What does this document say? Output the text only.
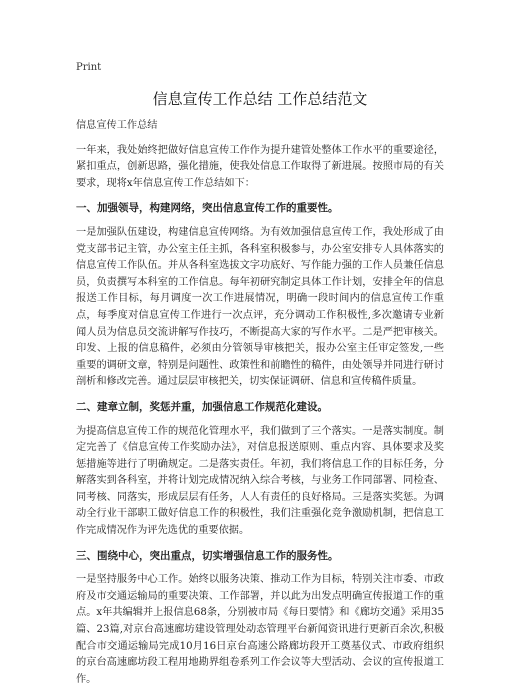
Print
信息宣传工作总结 工作总结范文

信息宣传工作总结

一年来，我处始终把做好信息宣传工作作为提升建管处整体工作水平的重要途径，紧扣重点，创新思路，强化措施，使我处信息工作取得了新进展。按照市局的有关要求，现将x年信息宣传工作总结如下：

一、加强领导，构建网络，突出信息宣传工作的重要性。

一是加强队伍建设，构建信息宣传网络。为有效加强信息宣传工作，我处形成了由党支部书记主管，办公室主任主抓，各科室积极参与，办公室安排专人具体落实的信息宣传工作队伍。并从各科室选拔文字功底好、写作能力强的工作人员兼任信息员，负责撰写本科室的工作信息。每年初研究制定具体工作计划，安排全年的信息报送工作目标，每月调度一次工作进展情况，明确一段时间内的信息宣传工作重点，每季度对信息宣传工作进行一次点评，充分调动工作积极性,多次邀请专业新闻人员为信息员交流讲解写作技巧，不断提高大家的写作水平。二是严把审核关。印发、上报的信息稿件，必须由分管领导审核把关，报办公室主任审定签发,一些重要的调研文章，特别是问题性、政策性和前瞻性的稿件，由处领导并同进行研讨剖析和修改完善。通过层层审核把关，切实保证调研、信息和宣传稿件质量。

二、建章立制，奖惩并重，加强信息工作规范化建设。

为提高信息宣传工作的规范化管理水平，我们做到了三个落实。一是落实制度。制定完善了《信息宣传工作奖励办法》，对信息报送原则、重点内容、具体要求及奖惩措施等进行了明确规定。二是落实责任。年初，我们将信息工作的目标任务，分解落实到各科室，并将计划完成情况纳入综合考核，与业务工作同部署、同检查、同考核、同落实，形成层层有任务，人人有责任的良好格局。三是落实奖惩。为调动全行业干部职工做好信息工作的积极性，我们注重强化竞争激励机制，把信息工作完成情况作为评先选优的重要依据。

三、围绕中心，突出重点，切实增强信息工作的服务性。

一是坚持服务中心工作。始终以服务决策、推动工作为目标，特别关注市委、市政府及市交通运输局的重要决策、工作部署，并以此为出发点明确宣传报道工作的重点。x年共编辑并上报信息68条，分别被市局《每日要情》和《廊坊交通》采用35篇、23篇,对京台高速廊坊建设管理处动态管理平台新闻资讯进行更新百余次,积极配合市交通运输局完成10月16日京台高速公路廊坊段开工奠基仪式、市政府组织的京台高速廊坊段工程用地勘界组卷系列工作会议等大型活动、会议的宣传报道工作。
